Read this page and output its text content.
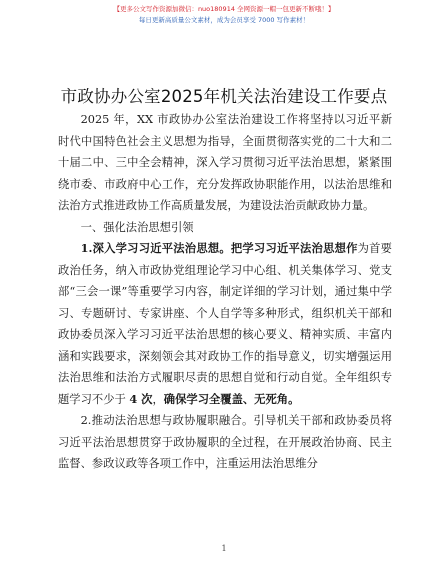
【更多公文写作资源加微信：nuo180914 全网资源一帽一包更新不断哦！】
每日更新高质量公文素材，成为会员享受 7000 写作素材！
市政协办公室2025年机关法治建设工作要点

2025 年，XX 市政协办公室法治建设工作将坚持以习近平新时代中国特色社会主义思想为指导，全面贯彻落实党的二十大和二十届二中、三中全会精神，深入学习贯彻习近平法治思想，紧紧围绕市委、市政府中心工作，充分发挥政协职能作用，以法治思维和法治方式推进政协工作高质量发展，为建设法治贡献政协力量。

一、强化法治思想引领

1.深入学习习近平法治思想。把学习习近平法治思想作为首要政治任务，纳入市政协党组理论学习中心组、机关集体学习、党支部“三会一课”等重要学习内容，制定详细的学习计划，通过集中学习、专题研讨、专家讲座、个人自学等多种形式，组织机关干部和政协委员深入学习习近平法治思想的核心要义、精神实质、丰富内涵和实践要求，深刻领会其对政协工作的指导意义，切实增强运用法治思维和法治方式履职尽责的思想自觉和行动自觉。全年组织专题学习不少于 4 次，确保学习全覆盖、无死角。

2.推动法治思想与政协履职融合。引导机关干部和政协委员将习近平法治思想贯穿于政协履职的全过程，在开展政治协商、民主监督、参政议政等各项工作中，注重运用法治思维分

1
